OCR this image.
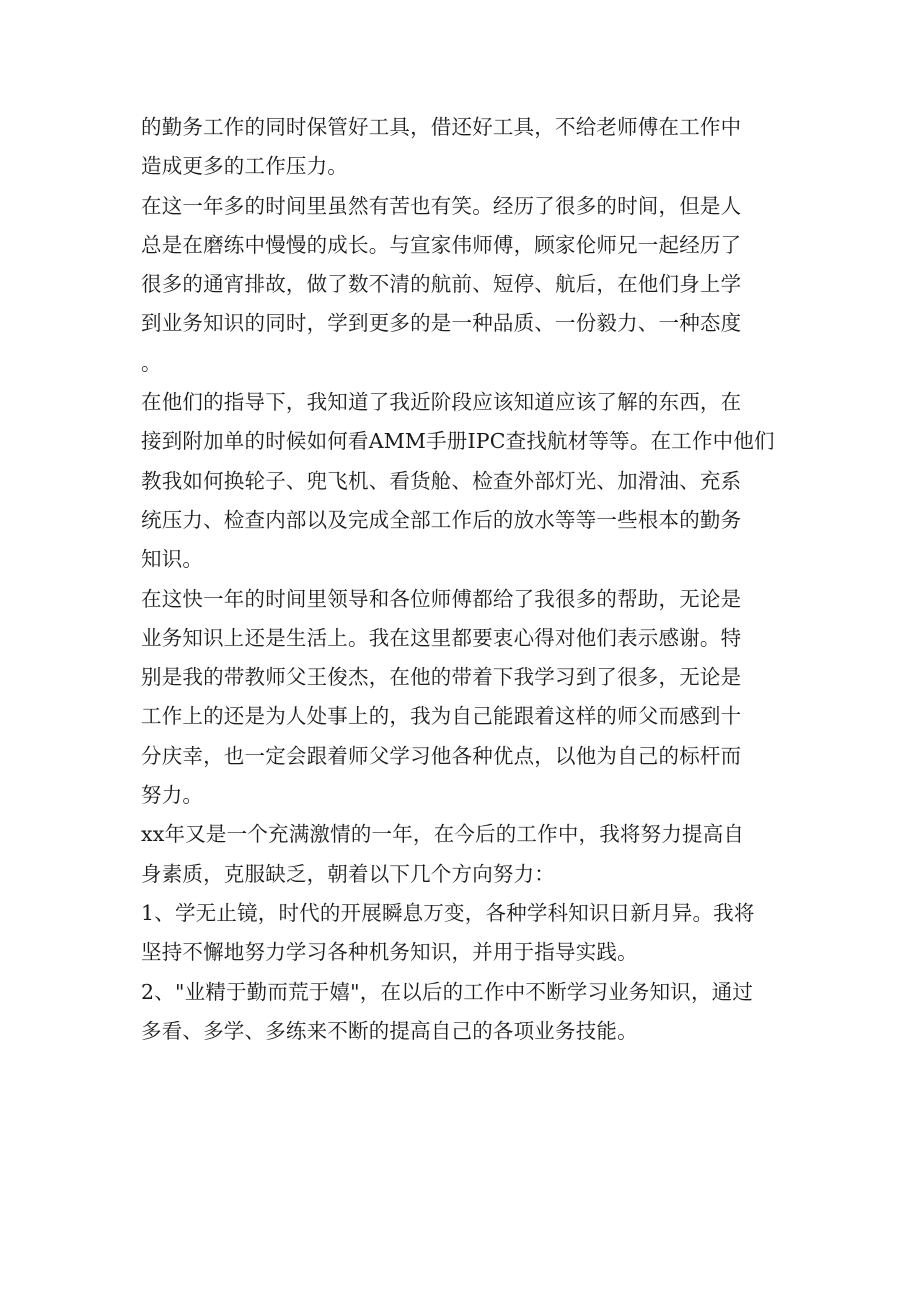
的勤务工作的同时保管好工具，借还好工具，不给老师傅在工作中
造成更多的工作压力。
在这一年多的时间里虽然有苦也有笑。经历了很多的时间，但是人
总是在磨练中慢慢的成长。与宣家伟师傅，顾家伦师兄一起经历了
很多的通宵排故，做了数不清的航前、短停、航后，在他们身上学
到业务知识的同时，学到更多的是一种品质、一份毅力、一种态度
。
在他们的指导下，我知道了我近阶段应该知道应该了解的东西，在
接到附加单的时候如何看AMM手册IPC查找航材等等。在工作中他们
教我如何换轮子、兜飞机、看货舱、检查外部灯光、加滑油、充系
统压力、检查内部以及完成全部工作后的放水等等一些根本的勤务
知识。
在这快一年的时间里领导和各位师傅都给了我很多的帮助，无论是
业务知识上还是生活上。我在这里都要衷心得对他们表示感谢。特
别是我的带教师父王俊杰，在他的带着下我学习到了很多，无论是
工作上的还是为人处事上的，我为自己能跟着这样的师父而感到十
分庆幸，也一定会跟着师父学习他各种优点，以他为自己的标杆而
努力。
xx年又是一个充满激情的一年，在今后的工作中，我将努力提高自
身素质，克服缺乏，朝着以下几个方向努力：
1、学无止镜，时代的开展瞬息万变，各种学科知识日新月异。我将
坚持不懈地努力学习各种机务知识，并用于指导实践。
2、"业精于勤而荒于嬉"，在以后的工作中不断学习业务知识，通过
多看、多学、多练来不断的提高自己的各项业务技能。
